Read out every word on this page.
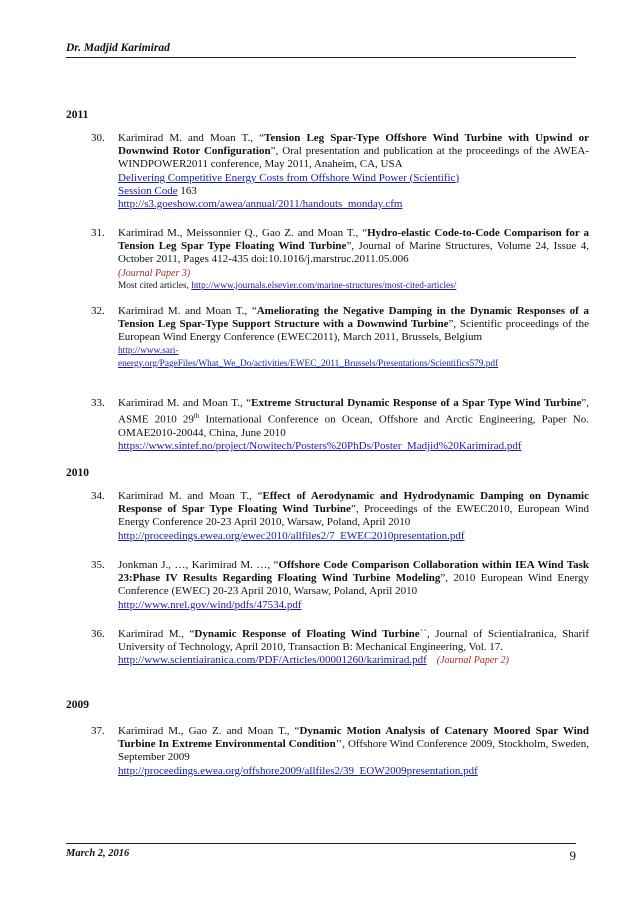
Dr. Madjid Karimirad
2011
30. Karimirad M. and Moan T., “Tension Leg Spar-Type Offshore Wind Turbine with Upwind or Downwind Rotor Configuration”, Oral presentation and publication at the proceedings of the AWEA-WINDPOWER2011 conference, May 2011, Anaheim, CA, USA

Delivering Competitive Energy Costs from Offshore Wind Power (Scientific)

Session Code 163

http://s3.goeshow.com/awea/annual/2011/handouts_monday.cfm

31. Karimirad M., Meissonnier Q., Gao Z. and Moan T., “Hydro-elastic Code-to-Code Comparison for a Tension Leg Spar Type Floating Wind Turbine”, Journal of Marine Structures, Volume 24, Issue 4, October 2011, Pages 412-435 doi:10.1016/j.marstruc.2011.05.006

(Journal Paper 3)

Most cited articles, http://www.journals.elsevier.com/marine-structures/most-cited-articles/

32. Karimirad M. and Moan T., “Ameliorating the Negative Damping in the Dynamic Responses of a Tension Leg Spar-Type Support Structure with a Downwind Turbine”, Scientific proceedings of the European Wind Energy Conference (EWEC2011), March 2011, Brussels, Belgium

http://www.sari-

energy.org/PageFiles/What_We_Do/activities/EWEC_2011_Brussels/Presentations/Scientifics579.pdf

33. Karimirad M. and Moan T., “Extreme Structural Dynamic Response of a Spar Type Wind Turbine”, ASME 2010 29th International Conference on Ocean, Offshore and Arctic Engineering, Paper No. OMAE2010-20044, China, June 2010

https://www.sintef.no/project/Nowitech/Posters%20PhDs/Poster_Madjid%20Karimirad.pdf

2010
34. Karimirad M. and Moan T., “Effect of Aerodynamic and Hydrodynamic Damping on Dynamic Response of Spar Type Floating Wind Turbine”, Proceedings of the EWEC2010, European Wind Energy Conference 20-23 April 2010, Warsaw, Poland, April 2010

http://proceedings.ewea.org/ewec2010/allfiles2/7_EWEC2010presentation.pdf

35. Jonkman J., …, Karimirad M. …, “Offshore Code Comparison Collaboration within IEA Wind Task 23:Phase IV Results Regarding Floating Wind Turbine Modeling”, 2010 European Wind Energy Conference (EWEC) 20-23 April 2010, Warsaw, Poland, April 2010

http://www.nrel.gov/wind/pdfs/47534.pdf

36. Karimirad M., “Dynamic Response of Floating Wind Turbine``, Journal of ScientiaIranica, Sharif University of Technology, April 2010, Transaction B: Mechanical Engineering, Vol. 17.

http://www.scientiairanica.com/PDF/Articles/00001260/karimirad.pdf (Journal Paper 2)

2009
37. Karimirad M., Gao Z. and Moan T., “Dynamic Motion Analysis of Catenary Moored Spar Wind Turbine In Extreme Environmental Condition’’, Offshore Wind Conference 2009, Stockholm, Sweden, September 2009

http://proceedings.ewea.org/offshore2009/allfiles2/39_EOW2009presentation.pdf

March 2, 2016	9
